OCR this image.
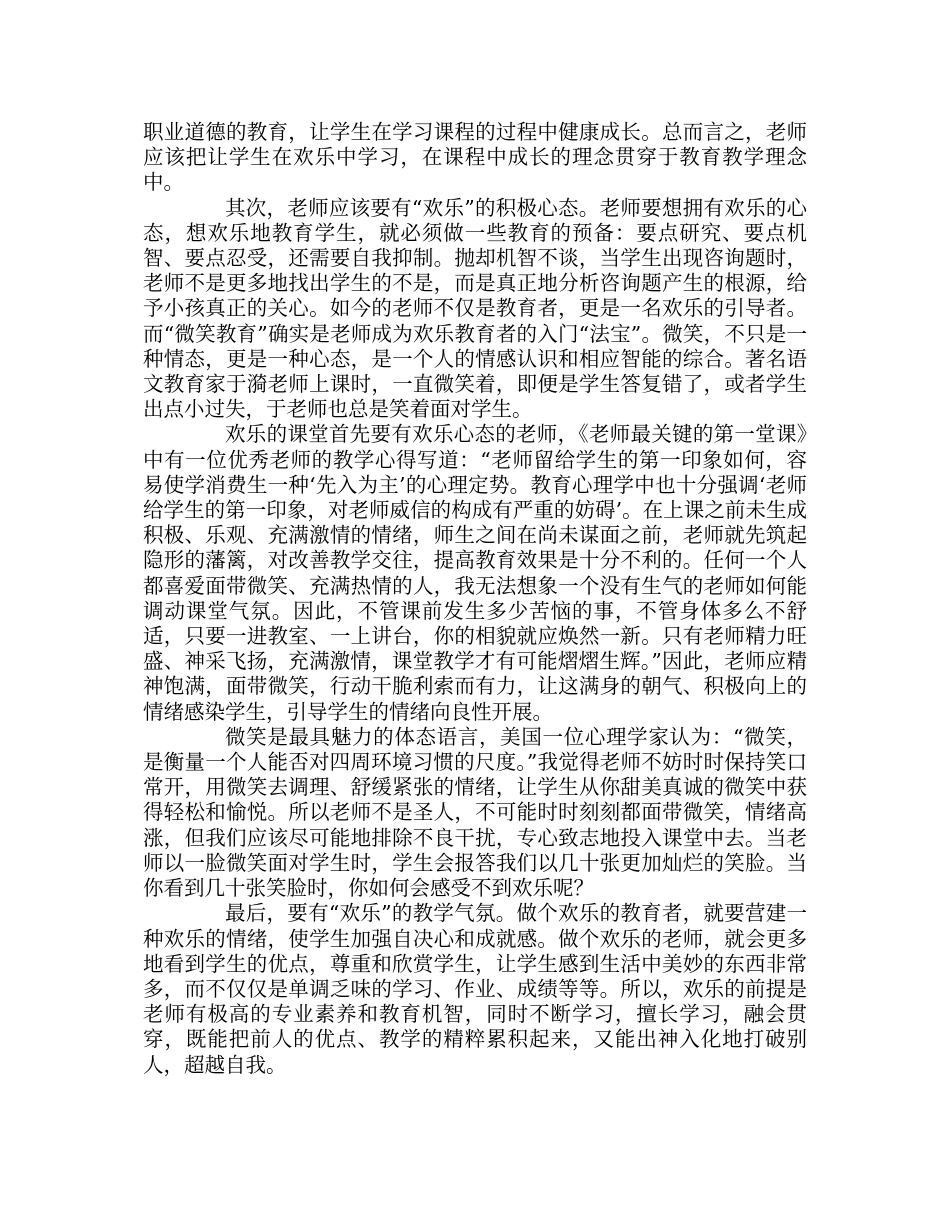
职业道德的教育，让学生在学习课程的过程中健康成长。总而言之，老师应该把让学生在欢乐中学习，在课程中成长的理念贯穿于教育教学理念中。

其次，老师应该要有“欢乐”的积极心态。老师要想拥有欢乐的心态，想欢乐地教育学生，就必须做一些教育的预备：要点研究、要点机智、要点忍受，还需要自我抑制。抛却机智不谈，当学生出现咨询题时，老师不是更多地找出学生的不是，而是真正地分析咨询题产生的根源，给予小孩真正的关心。如今的老师不仅是教育者，更是一名欢乐的引导者。而“微笑教育”确实是老师成为欢乐教育者的入门“法宝”。微笑，不只是一种情态，更是一种心态，是一个人的情感认识和相应智能的综合。著名语文教育家于漪老师上课时，一直微笑着，即便是学生答复错了，或者学生出点小过失，于老师也总是笑着面对学生。

欢乐的课堂首先要有欢乐心态的老师，《老师最关键的第一堂课》中有一位优秀老师的教学心得写道：“老师留给学生的第一印象如何，容易使学消费生一种‘先入为主’的心理定势。教育心理学中也十分强调‘老师给学生的第一印象，对老师威信的构成有严重的妨碍’。在上课之前未生成积极、乐观、充满激情的情绪，师生之间在尚未谋面之前，老师就先筑起隐形的藩篱，对改善教学交往，提高教育效果是十分不利的。任何一个人都喜爱面带微笑、充满热情的人，我无法想象一个没有生气的老师如何能调动课堂气氛。因此，不管课前发生多少苦恼的事，不管身体多么不舒适，只要一进教室、一上讲台，你的相貌就应焕然一新。只有老师精力旺盛、神采飞扬，充满激情，课堂教学才有可能熠熠生辉。”因此，老师应精神饱满，面带微笑，行动干脆利索而有力，让这满身的朝气、积极向上的情绪感染学生，引导学生的情绪向良性开展。

微笑是最具魅力的体态语言，美国一位心理学家认为：“微笑，是衡量一个人能否对四周环境习惯的尺度。”我觉得老师不妨时时保持笑口常开，用微笑去调理、舒缓紧张的情绪，让学生从你甜美真诚的微笑中获得轻松和愉悦。所以老师不是圣人，不可能时时刻刻都面带微笑，情绪高涨，但我们应该尽可能地排除不良干扰，专心致志地投入课堂中去。当老师以一脸微笑面对学生时，学生会报答我们以几十张更加灿烂的笑脸。当你看到几十张笑脸时，你如何会感受不到欢乐呢？

最后，要有“欢乐”的教学气氛。做个欢乐的教育者，就要营建一种欢乐的情绪，使学生加强自决心和成就感。做个欢乐的老师，就会更多地看到学生的优点，尊重和欣赏学生，让学生感到生活中美妙的东西非常多，而不仅仅是单调乏味的学习、作业、成绩等等。所以，欢乐的前提是老师有极高的专业素养和教育机智，同时不断学习，擅长学习，融会贯穿，既能把前人的优点、教学的精粹累积起来，又能出神入化地打破别人，超越自我。
